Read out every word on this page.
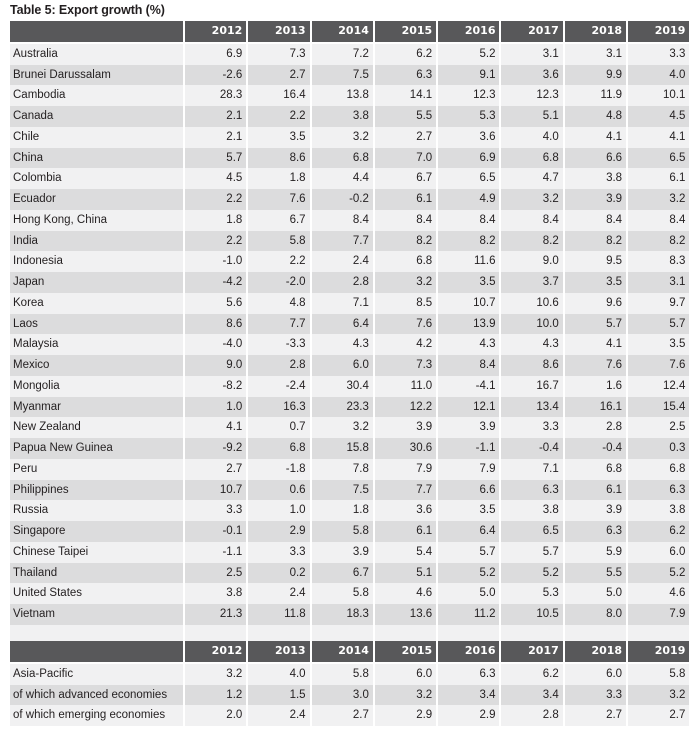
Table 5: Export growth (%)
	2012	2013	2014	2015	2016	2017	2018	2019
Australia	6.9	7.3	7.2	6.2	5.2	3.1	3.1	3.3
Brunei Darussalam	-2.6	2.7	7.5	6.3	9.1	3.6	9.9	4.0
Cambodia	28.3	16.4	13.8	14.1	12.3	12.3	11.9	10.1
Canada	2.1	2.2	3.8	5.5	5.3	5.1	4.8	4.5
Chile	2.1	3.5	3.2	2.7	3.6	4.0	4.1	4.1
China	5.7	8.6	6.8	7.0	6.9	6.8	6.6	6.5
Colombia	4.5	1.8	4.4	6.7	6.5	4.7	3.8	6.1
Ecuador	2.2	7.6	-0.2	6.1	4.9	3.2	3.9	3.2
Hong Kong, China	1.8	6.7	8.4	8.4	8.4	8.4	8.4	8.4
India	2.2	5.8	7.7	8.2	8.2	8.2	8.2	8.2
Indonesia	-1.0	2.2	2.4	6.8	11.6	9.0	9.5	8.3
Japan	-4.2	-2.0	2.8	3.2	3.5	3.7	3.5	3.1
Korea	5.6	4.8	7.1	8.5	10.7	10.6	9.6	9.7
Laos	8.6	7.7	6.4	7.6	13.9	10.0	5.7	5.7
Malaysia	-4.0	-3.3	4.3	4.2	4.3	4.3	4.1	3.5
Mexico	9.0	2.8	6.0	7.3	8.4	8.6	7.6	7.6
Mongolia	-8.2	-2.4	30.4	11.0	-4.1	16.7	1.6	12.4
Myanmar	1.0	16.3	23.3	12.2	12.1	13.4	16.1	15.4
New Zealand	4.1	0.7	3.2	3.9	3.9	3.3	2.8	2.5
Papua New Guinea	-9.2	6.8	15.8	30.6	-1.1	-0.4	-0.4	0.3
Peru	2.7	-1.8	7.8	7.9	7.9	7.1	6.8	6.8
Philippines	10.7	0.6	7.5	7.7	6.6	6.3	6.1	6.3
Russia	3.3	1.0	1.8	3.6	3.5	3.8	3.9	3.8
Singapore	-0.1	2.9	5.8	6.1	6.4	6.5	6.3	6.2
Chinese Taipei	-1.1	3.3	3.9	5.4	5.7	5.7	5.9	6.0
Thailand	2.5	0.2	6.7	5.1	5.2	5.2	5.5	5.2
United States	3.8	2.4	5.8	4.6	5.0	5.3	5.0	4.6
Vietnam	21.3	11.8	18.3	13.6	11.2	10.5	8.0	7.9

	2012	2013	2014	2015	2016	2017	2018	2019
Asia-Pacific	3.2	4.0	5.8	6.0	6.3	6.2	6.0	5.8
of which advanced economies	1.2	1.5	3.0	3.2	3.4	3.4	3.3	3.2
of which emerging economies	2.0	2.4	2.7	2.9	2.9	2.8	2.7	2.7
